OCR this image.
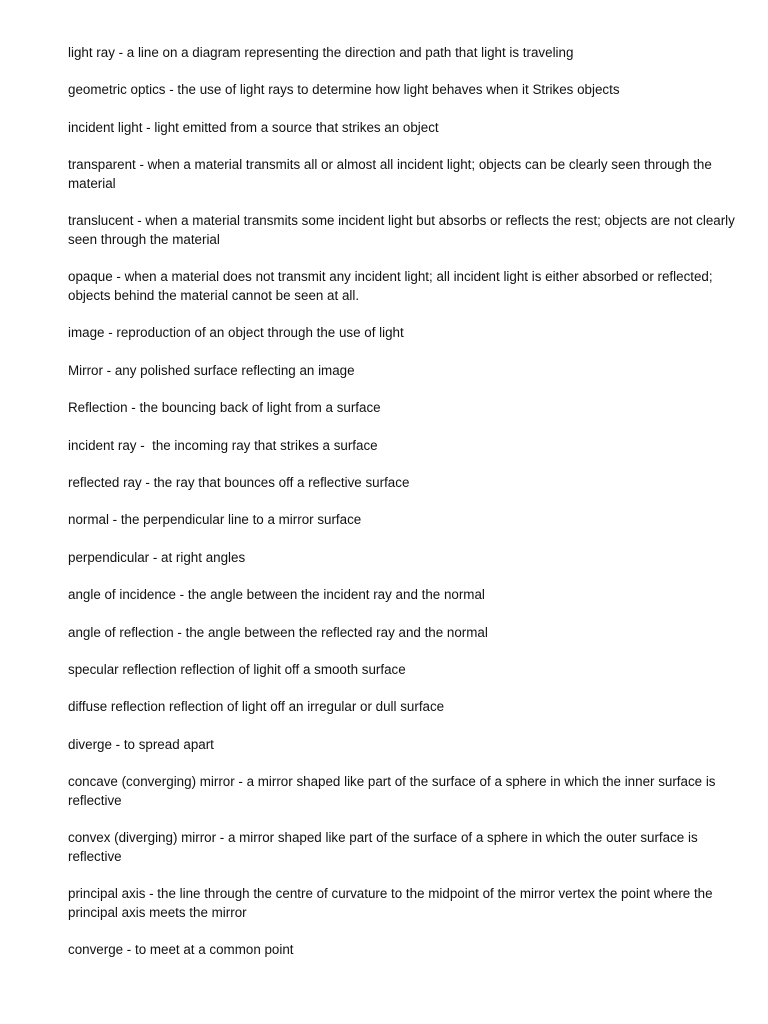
light ray - a line on a diagram representing the direction and path that light is traveling
geometric optics - the use of light rays to determine how light behaves when it Strikes objects
incident light - light emitted from a source that strikes an object
transparent - when a material transmits all or almost all incident light; objects can be clearly seen through the material
translucent - when a material transmits some incident light but absorbs or reflects the rest; objects are not clearly seen through the material
opaque - when a material does not transmit any incident light; all incident light is either absorbed or reflected; objects behind the material cannot be seen at all.
image - reproduction of an object through the use of light
Mirror - any polished surface reflecting an image
Reflection - the bouncing back of light from a surface
incident ray -  the incoming ray that strikes a surface
reflected ray - the ray that bounces off a reflective surface
normal - the perpendicular line to a mirror surface
perpendicular - at right angles
angle of incidence - the angle between the incident ray and the normal
angle of reflection - the angle between the reflected ray and the normal
specular reflection reflection of lighit off a smooth surface
diffuse reflection reflection of light off an irregular or dull surface
diverge - to spread apart
concave (converging) mirror - a mirror shaped like part of the surface of a sphere in which the inner surface is reflective
convex (diverging) mirror - a mirror shaped like part of the surface of a sphere in which the outer surface is reflective
principal axis - the line through the centre of curvature to the midpoint of the mirror vertex the point where the principal axis meets the mirror
converge - to meet at a common point
